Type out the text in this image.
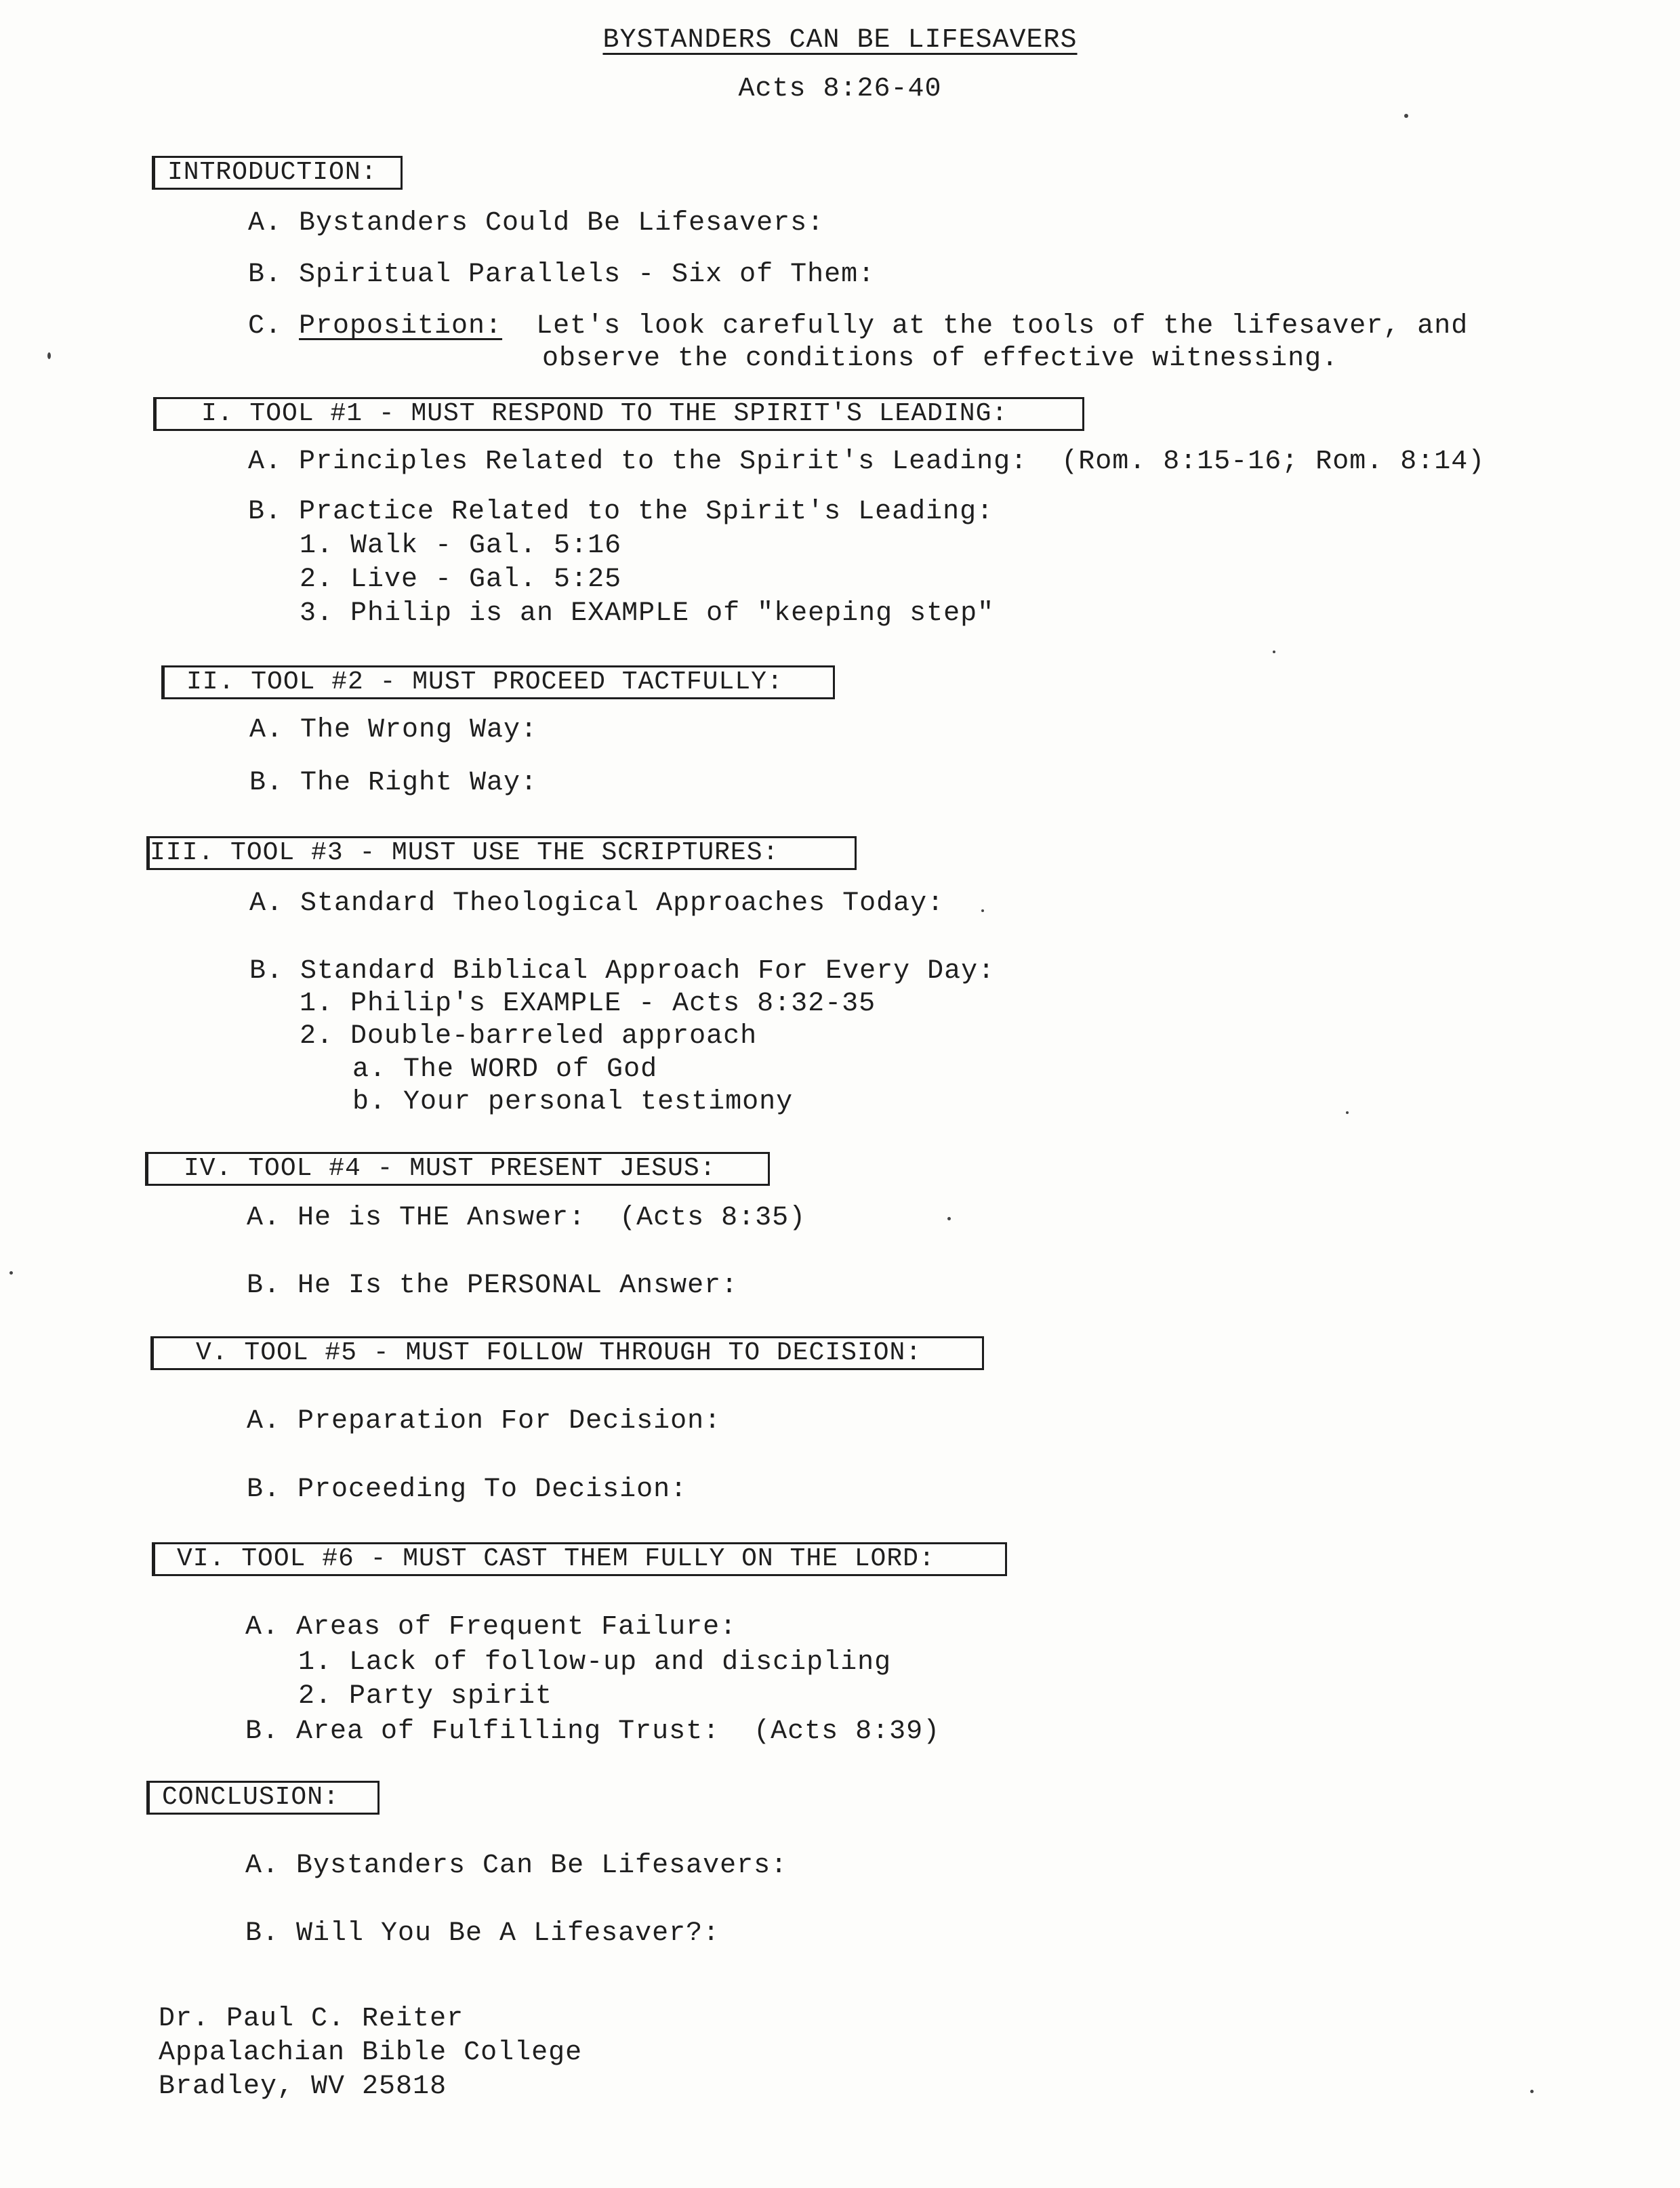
BYSTANDERS CAN BE LIFESAVERS
Acts 8:26-40
INTRODUCTION:
A. Bystanders Could Be Lifesavers:
B. Spiritual Parallels - Six of Them:
C. Proposition:  Let's look carefully at the tools of the lifesaver, and
observe the conditions of effective witnessing.
I. TOOL #1 - MUST RESPOND TO THE SPIRIT'S LEADING:
A. Principles Related to the Spirit's Leading:  (Rom. 8:15-16; Rom. 8:14)
B. Practice Related to the Spirit's Leading:
1. Walk - Gal. 5:16
2. Live - Gal. 5:25
3. Philip is an EXAMPLE of "keeping step"
II. TOOL #2 - MUST PROCEED TACTFULLY:
A. The Wrong Way:
B. The Right Way:
III. TOOL #3 - MUST USE THE SCRIPTURES:
A. Standard Theological Approaches Today:
B. Standard Biblical Approach For Every Day:
1. Philip's EXAMPLE - Acts 8:32-35
2. Double-barreled approach
a. The WORD of God
b. Your personal testimony
IV. TOOL #4 - MUST PRESENT JESUS:
A. He is THE Answer:  (Acts 8:35)
B. He Is the PERSONAL Answer:
V. TOOL #5 - MUST FOLLOW THROUGH TO DECISION:
A. Preparation For Decision:
B. Proceeding To Decision:
VI. TOOL #6 - MUST CAST THEM FULLY ON THE LORD:
A. Areas of Frequent Failure:
1. Lack of follow-up and discipling
2. Party spirit
B. Area of Fulfilling Trust:  (Acts 8:39)
CONCLUSION:
A. Bystanders Can Be Lifesavers:
B. Will You Be A Lifesaver?:
Dr. Paul C. Reiter
Appalachian Bible College
Bradley, WV 25818
